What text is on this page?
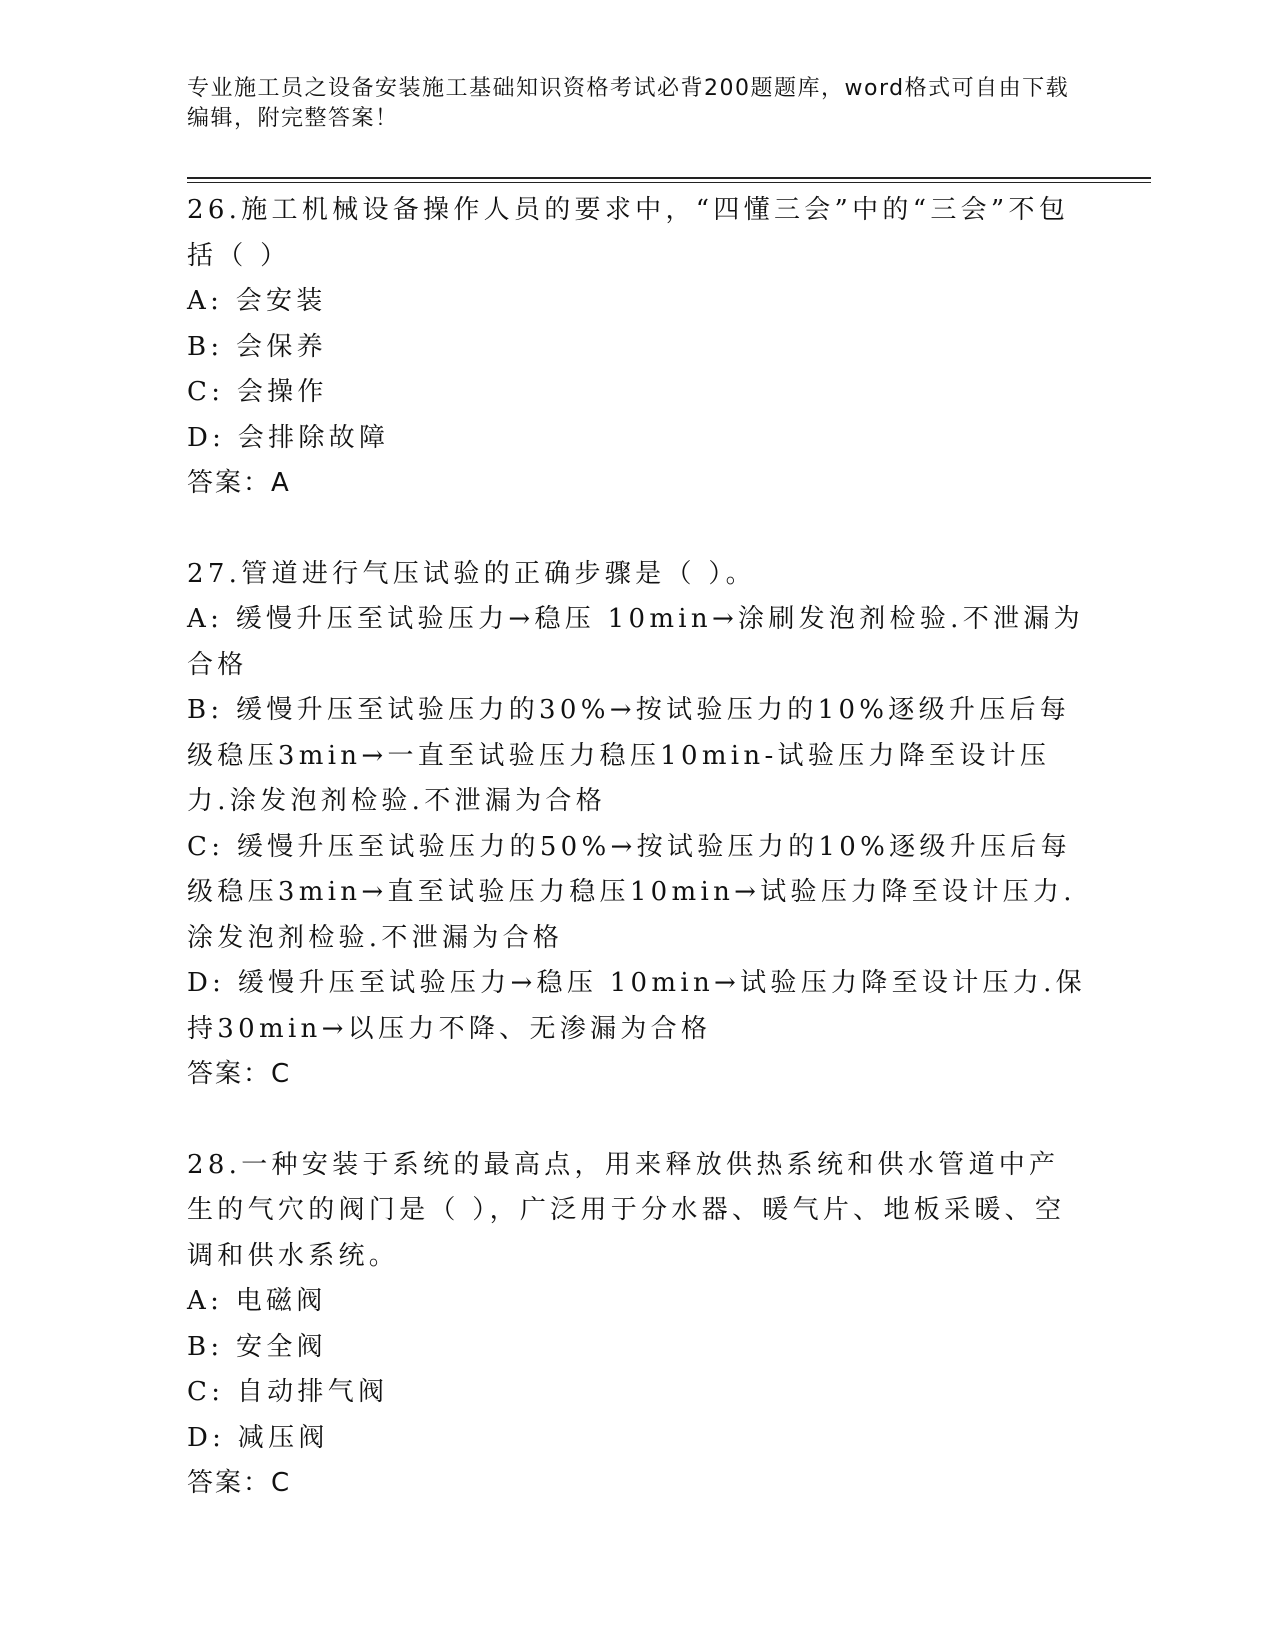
专业施工员之设备安装施工基础知识资格考试必背200题题库，word格式可自由下载编辑，附完整答案！
26.施工机械设备操作人员的要求中，“四懂三会”中的“三会”不包括（ ）
A: 会安装
B: 会保养
C: 会操作
D: 会排除故障
答案：A
27.管道进行气压试验的正确步骤是（ ）。
A: 缓慢升压至试验压力→稳压 10min→涂刷发泡剂检验.不泄漏为合格
B: 缓慢升压至试验压力的30%→按试验压力的10%逐级升压后每级稳压3min→一直至试验压力稳压10min-试验压力降至设计压力.涂发泡剂检验.不泄漏为合格
C: 缓慢升压至试验压力的50%→按试验压力的10%逐级升压后每级稳压3min→直至试验压力稳压10min→试验压力降至设计压力.涂发泡剂检验.不泄漏为合格
D: 缓慢升压至试验压力→稳压 10min→试验压力降至设计压力.保持30min→以压力不降、无渗漏为合格
答案：C
28.一种安装于系统的最高点，用来释放供热系统和供水管道中产生的气穴的阀门是（ ），广泛用于分水器、暖气片、地板采暖、空调和供水系统。
A: 电磁阀
B: 安全阀
C: 自动排气阀
D: 减压阀
答案：C
